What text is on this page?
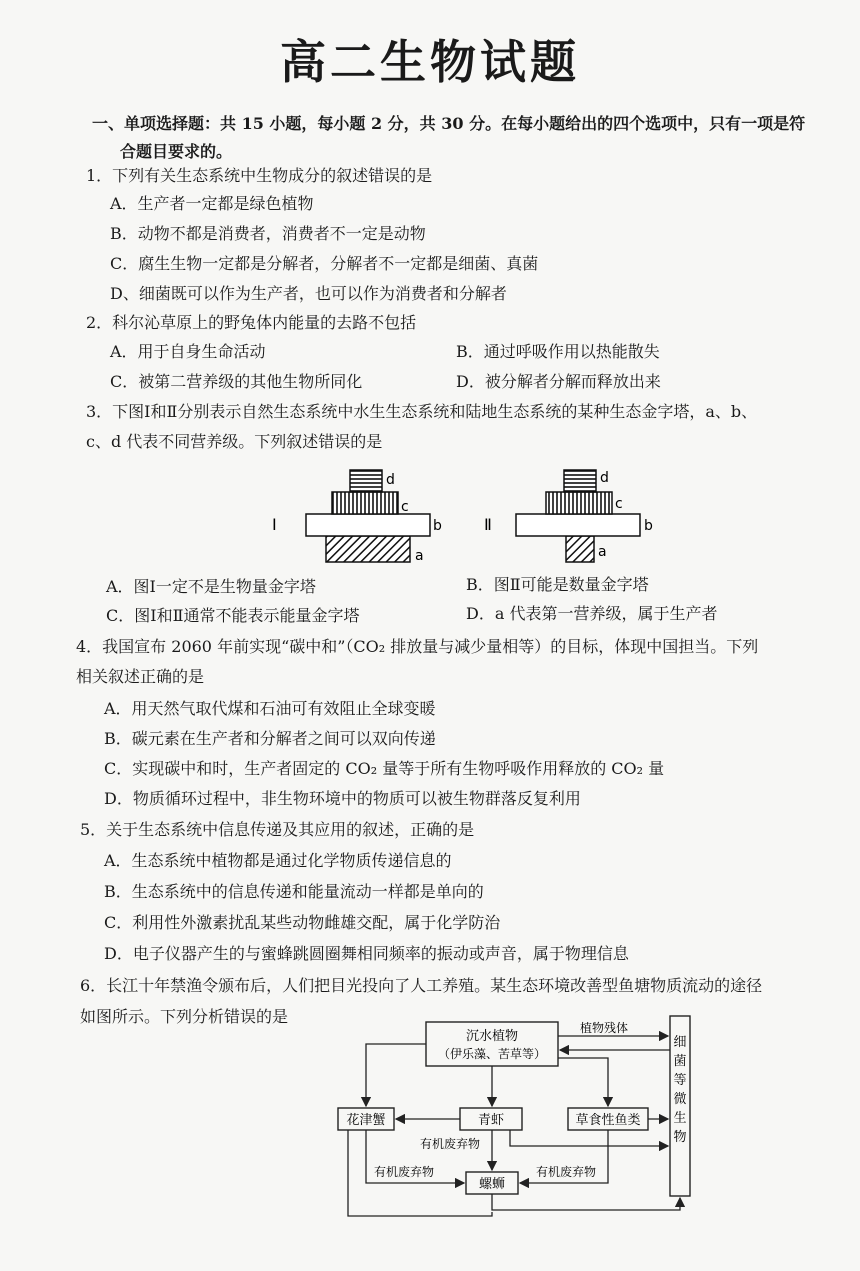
高二生物试题
一、单项选择题：共 15 小题，每小题 2 分，共 30 分。在每小题给出的四个选项中，只有一项是符
合题目要求的。
1．下列有关生态系统中生物成分的叙述错误的是
A．生产者一定都是绿色植物
B．动物不都是消费者，消费者不一定是动物
C．腐生生物一定都是分解者，分解者不一定都是细菌、真菌
D、细菌既可以作为生产者，也可以作为消费者和分解者
2．科尔沁草原上的野兔体内能量的去路不包括
A．用于自身生命活动	B．通过呼吸作用以热能散失
C．被第二营养级的其他生物所同化	D．被分解者分解而释放出来
3．下图Ⅰ和Ⅱ分别表示自然生态系统中水生生态系统和陆地生态系统的某种生态金字塔，a、b、
c、d 代表不同营养级。下列叙述错误的是
Ⅰ
a
b
c
d
Ⅱ
a
b
c
d
A．图Ⅰ一定不是生物量金字塔	B．图Ⅱ可能是数量金字塔
C．图Ⅰ和Ⅱ通常不能表示能量金字塔	D．a 代表第一营养级，属于生产者
4．我国宣布 2060 年前实现“碳中和”（CO₂ 排放量与减少量相等）的目标，体现中国担当。下列
相关叙述正确的是
A．用天然气取代煤和石油可有效阻止全球变暖
B．碳元素在生产者和分解者之间可以双向传递
C．实现碳中和时，生产者固定的 CO₂ 量等于所有生物呼吸作用释放的 CO₂ 量
D．物质循环过程中，非生物环境中的物质可以被生物群落反复利用
5．关于生态系统中信息传递及其应用的叙述，正确的是
A．生态系统中植物都是通过化学物质传递信息的
B．生态系统中的信息传递和能量流动一样都是单向的
C．利用性外激素扰乱某些动物雌雄交配，属于化学防治
D．电子仪器产生的与蜜蜂跳圆圈舞相同频率的振动或声音，属于物理信息
6．长江十年禁渔令颁布后，人们把目光投向了人工养殖。某生态环境改善型鱼塘物质流动的途径
如图所示。下列分析错误的是
沉水植物
（伊乐藻、苦草等）
细
菌
等
微
生
物
花津蟹	青虾	草食性鱼类
螺蛳
植物残体
有机废弃物
有机废弃物	有机废弃物
